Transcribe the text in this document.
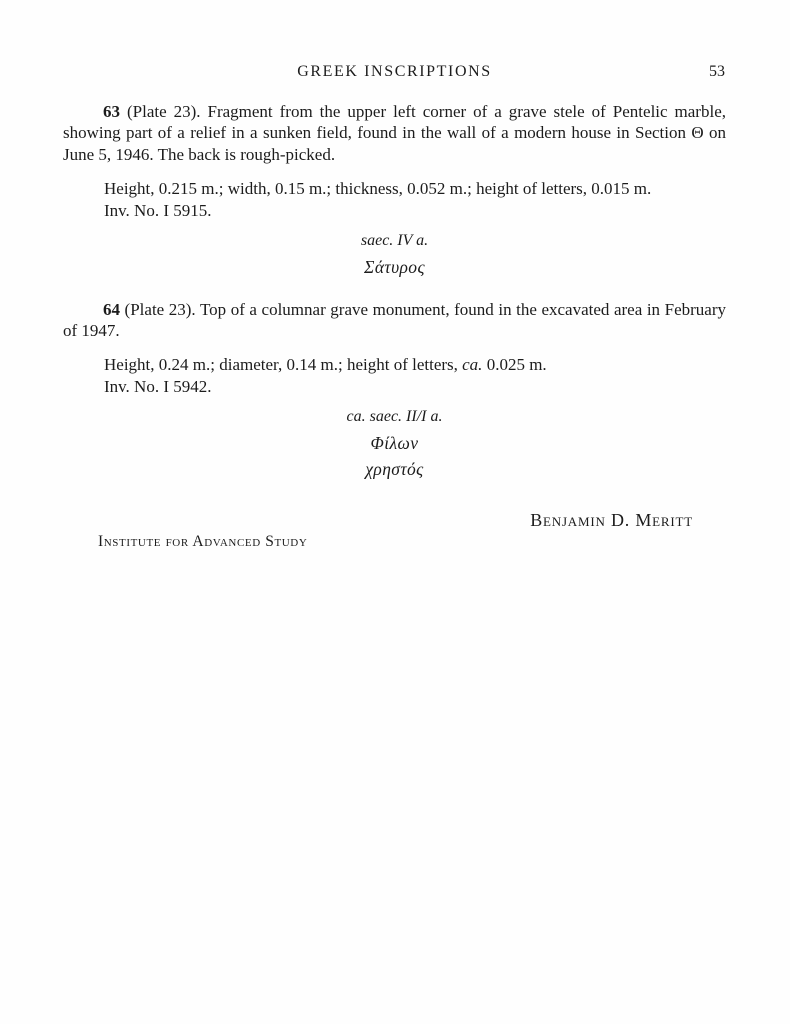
GREEK INSCRIPTIONS	53

63 (Plate 23). Fragment from the upper left corner of a grave stele of Pentelic marble, showing part of a relief in a sunken field, found in the wall of a modern house in Section Θ on June 5, 1946. The back is rough-picked.

Height, 0.215 m.; width, 0.15 m.; thickness, 0.052 m.; height of letters, 0.015 m.

Inv. No. I 5915.

saec. IV a.

Σάτυρος

64 (Plate 23). Top of a columnar grave monument, found in the excavated area in February of 1947.

Height, 0.24 m.; diameter, 0.14 m.; height of letters, ca. 0.025 m.

Inv. No. I 5942.

ca. saec. II/I a.

Φίλων

χρηστός

Benjamin D. Meritt

Institute for Advanced Study
